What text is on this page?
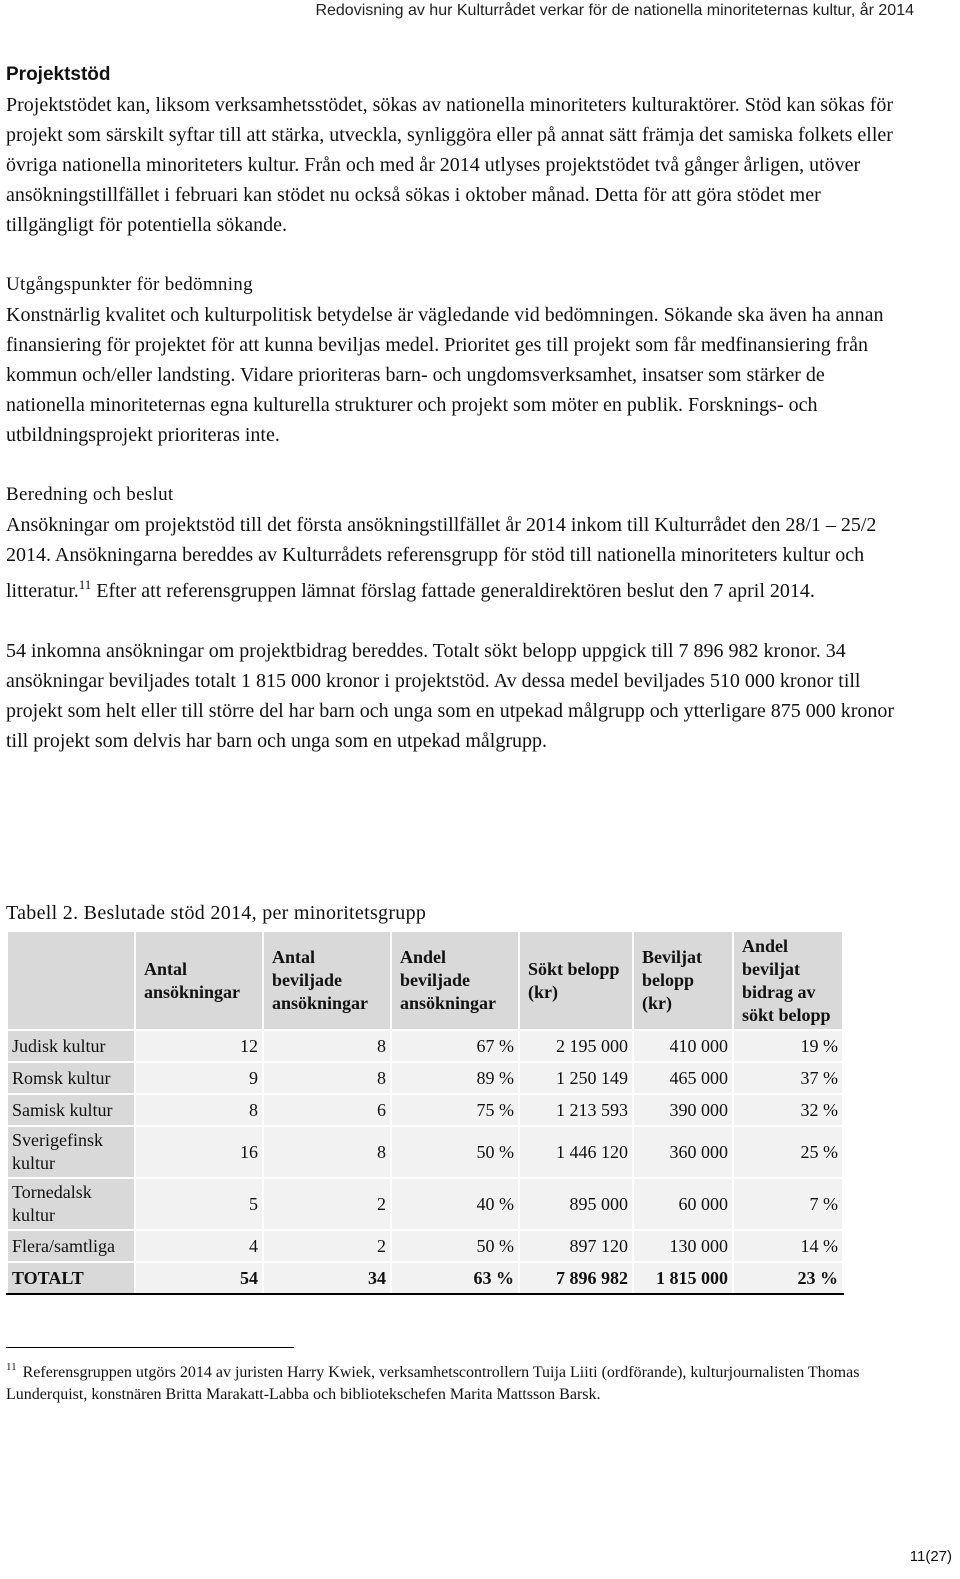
Redovisning av hur Kulturrådet verkar för de nationella minoriteternas kultur, år 2014
Projektstöd

Projektstödet kan, liksom verksamhetsstödet, sökas av nationella minoriteters kulturaktörer. Stöd kan sökas för projekt som särskilt syftar till att stärka, utveckla, synliggöra eller på annat sätt främja det samiska folkets eller övriga nationella minoriteters kultur. Från och med år 2014 utlyses projektstödet två gånger årligen, utöver ansökningstillfället i februari kan stödet nu också sökas i oktober månad. Detta för att göra stödet mer tillgängligt för potentiella sökande.

Utgångspunkter för bedömning

Konstnärlig kvalitet och kulturpolitisk betydelse är vägledande vid bedömningen. Sökande ska även ha annan finansiering för projektet för att kunna beviljas medel. Prioritet ges till projekt som får medfinansiering från kommun och/eller landsting. Vidare prioriteras barn- och ungdomsverksamhet, insatser som stärker de nationella minoriteternas egna kulturella strukturer och projekt som möter en publik. Forsknings- och utbildningsprojekt prioriteras inte.

Beredning och beslut

Ansökningar om projektstöd till det första ansökningstillfället år 2014 inkom till Kulturrådet den 28/1 – 25/2 2014. Ansökningarna bereddes av Kulturrådets referensgrupp för stöd till nationella minoriteters kultur och litteratur.$^{11}$ Efter att referensgruppen lämnat förslag fattade generaldirektören beslut den 7 april 2014.

54 inkomna ansökningar om projektbidrag bereddes. Totalt sökt belopp uppgick till 7 896 982 kronor. 34 ansökningar beviljades totalt 1 815 000 kronor i projektstöd. Av dessa medel beviljades 510 000 kronor till projekt som helt eller till större del har barn och unga som en utpekad målgrupp och ytterligare 875 000 kronor till projekt som delvis har barn och unga som en utpekad målgrupp.

Tabell 2. Beslutade stöd 2014, per minoritetsgrupp
	Antal ansökningar	Antal beviljade ansökningar	Andel beviljade ansökningar	Sökt belopp (kr)	Beviljat belopp (kr)	Andel beviljat bidrag av sökt belopp
Judisk kultur	12	8	67 %	2 195 000	410 000	19 %
Romsk kultur	9	8	89 %	1 250 149	465 000	37 %
Samisk kultur	8	6	75 %	1 213 593	390 000	32 %
Sverigefinsk kultur	16	8	50 %	1 446 120	360 000	25 %
Tornedalsk kultur	5	2	40 %	895 000	60 000	7 %
Flera/samtliga	4	2	50 %	897 120	130 000	14 %
TOTALT	54	34	63 %	7 896 982	1 815 000	23 %
$^{11}$ Referensgruppen utgörs 2014 av juristen Harry Kwiek, verksamhetscontrollern Tuija Liiti (ordförande), kulturjournalisten Thomas Lunderquist, konstnären Britta Marakatt-Labba och bibliotekschefen Marita Mattsson Barsk.
11(27)
